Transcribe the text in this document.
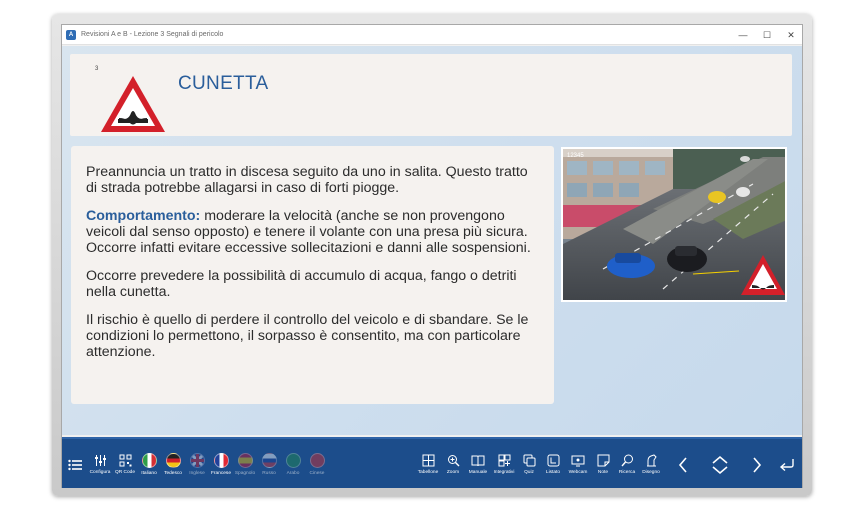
A	Revisioni A e B - Lezione 3 Segnali di pericolo	— ☐ ✕
3
CUNETTA

Preannuncia un tratto in discesa seguito da uno in salita. Questo tratto di strada potrebbe allagarsi in caso di forti piogge.

Comportamento: moderare la velocità (anche se non provengono veicoli dal senso opposto) e tenere il volante con una presa più sicura. Occorre infatti evitare eccessive sollecitazioni e danni alle sospensioni.

Occorre prevedere la possibilità di accumulo di acqua, fango o detriti nella cunetta.

Il rischio è quello di perdere il controllo del veicolo e di sbandare. Se le condizioni lo permettono, il sorpasso è consentito, ma con particolare attenzione.

12345
Configura QR Code Italiano Tedesco Inglese Francese Spagnolo Russo Arabo Cinese	Tabellone Zoom Manuale Integrativi Quiz Listato Webcam Note Ricerca Disegno
